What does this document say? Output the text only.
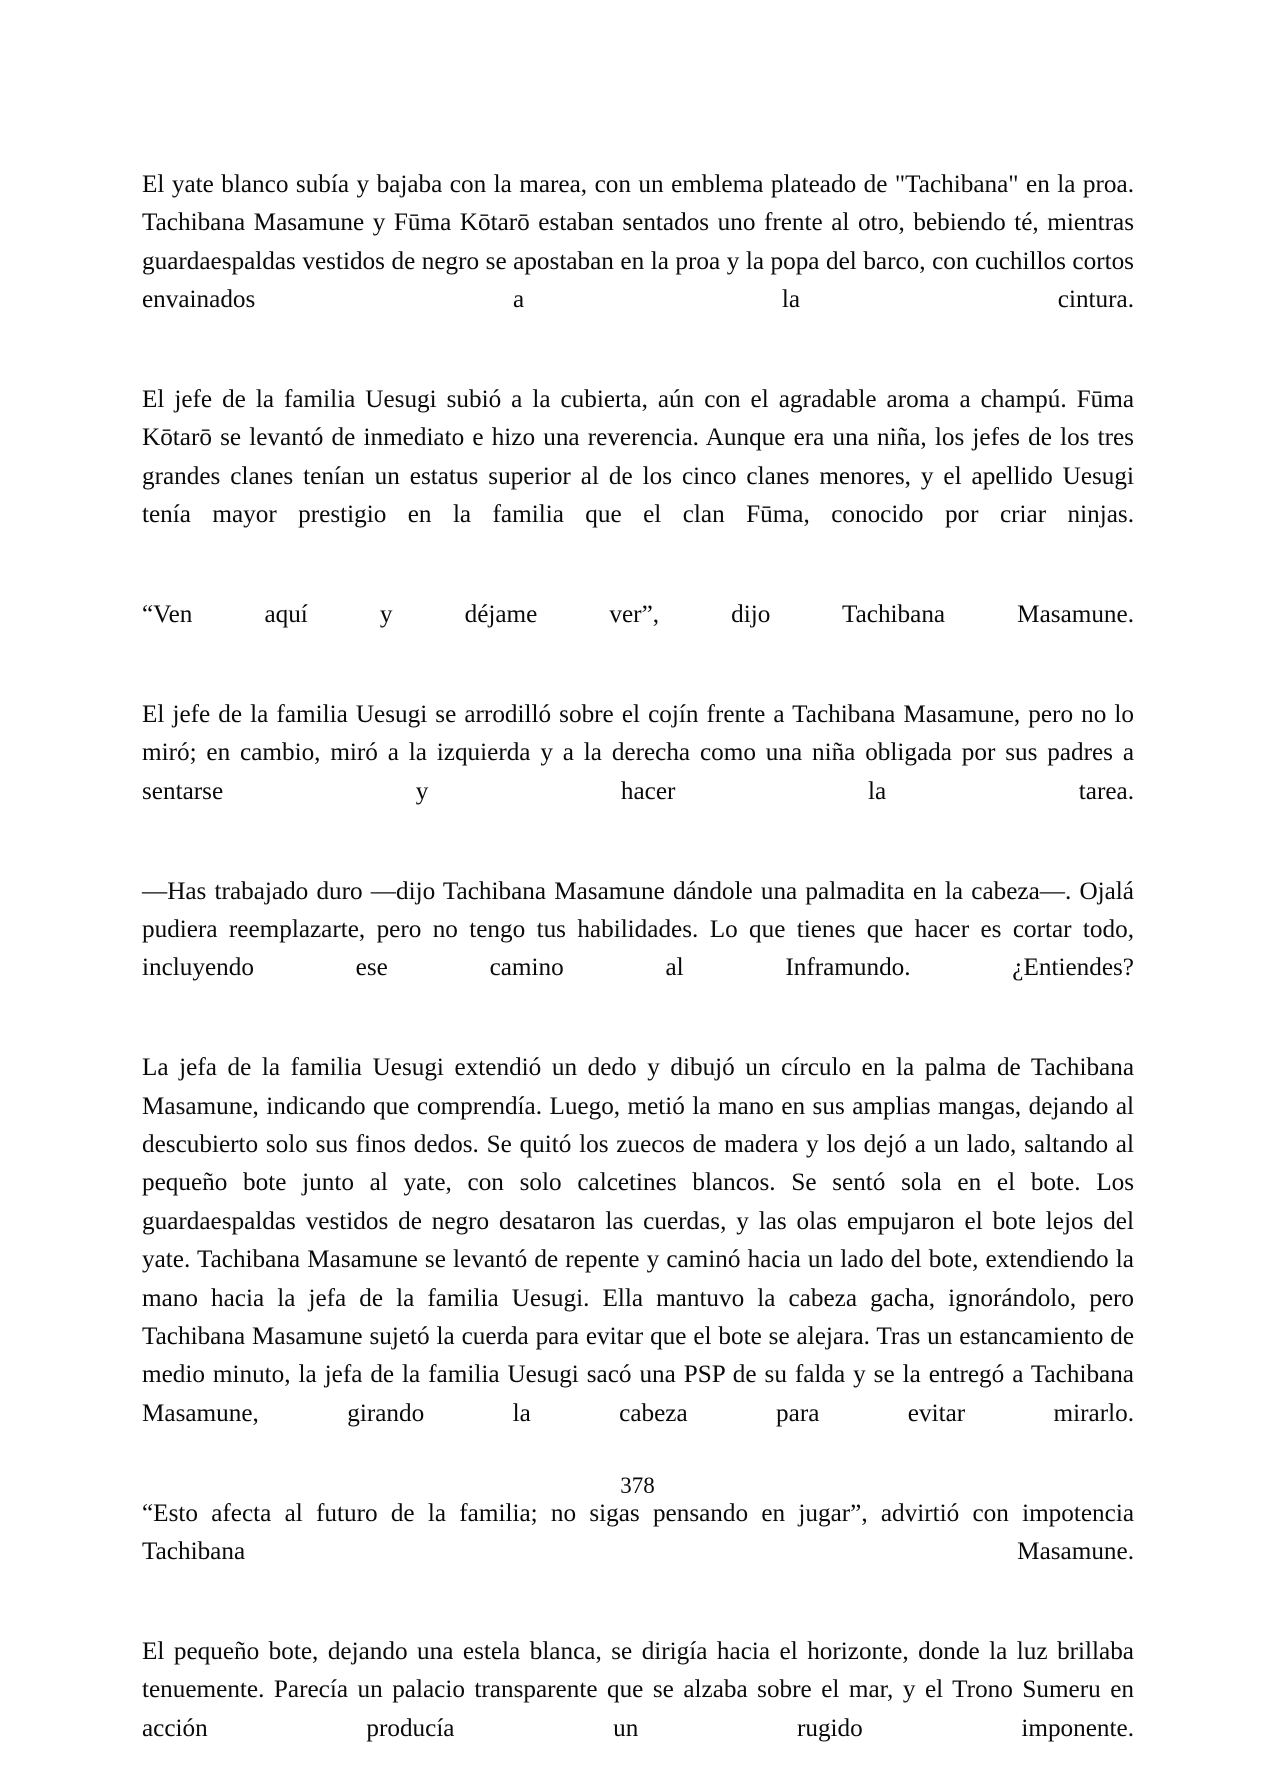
El yate blanco subía y bajaba con la marea, con un emblema plateado de "Tachibana" en la proa. Tachibana Masamune y Fūma Kōtarō estaban sentados uno frente al otro, bebiendo té, mientras guardaespaldas vestidos de negro se apostaban en la proa y la popa del barco, con cuchillos cortos envainados a la cintura.

El jefe de la familia Uesugi subió a la cubierta, aún con el agradable aroma a champú. Fūma Kōtarō se levantó de inmediato e hizo una reverencia. Aunque era una niña, los jefes de los tres grandes clanes tenían un estatus superior al de los cinco clanes menores, y el apellido Uesugi tenía mayor prestigio en la familia que el clan Fūma, conocido por criar ninjas.

“Ven aquí y déjame ver”, dijo Tachibana Masamune.

El jefe de la familia Uesugi se arrodilló sobre el cojín frente a Tachibana Masamune, pero no lo miró; en cambio, miró a la izquierda y a la derecha como una niña obligada por sus padres a sentarse y hacer la tarea.

—Has trabajado duro —dijo Tachibana Masamune dándole una palmadita en la cabeza—. Ojalá pudiera reemplazarte, pero no tengo tus habilidades. Lo que tienes que hacer es cortar todo, incluyendo ese camino al Inframundo. ¿Entiendes?

La jefa de la familia Uesugi extendió un dedo y dibujó un círculo en la palma de Tachibana Masamune, indicando que comprendía. Luego, metió la mano en sus amplias mangas, dejando al descubierto solo sus finos dedos. Se quitó los zuecos de madera y los dejó a un lado, saltando al pequeño bote junto al yate, con solo calcetines blancos. Se sentó sola en el bote. Los guardaespaldas vestidos de negro desataron las cuerdas, y las olas empujaron el bote lejos del yate. Tachibana Masamune se levantó de repente y caminó hacia un lado del bote, extendiendo la mano hacia la jefa de la familia Uesugi. Ella mantuvo la cabeza gacha, ignorándolo, pero Tachibana Masamune sujetó la cuerda para evitar que el bote se alejara. Tras un estancamiento de medio minuto, la jefa de la familia Uesugi sacó una PSP de su falda y se la entregó a Tachibana Masamune, girando la cabeza para evitar mirarlo.

“Esto afecta al futuro de la familia; no sigas pensando en jugar”, advirtió con impotencia Tachibana Masamune.

El pequeño bote, dejando una estela blanca, se dirigía hacia el horizonte, donde la luz brillaba tenuemente. Parecía un palacio transparente que se alzaba sobre el mar, y el Trono Sumeru en acción producía un rugido imponente.

378
